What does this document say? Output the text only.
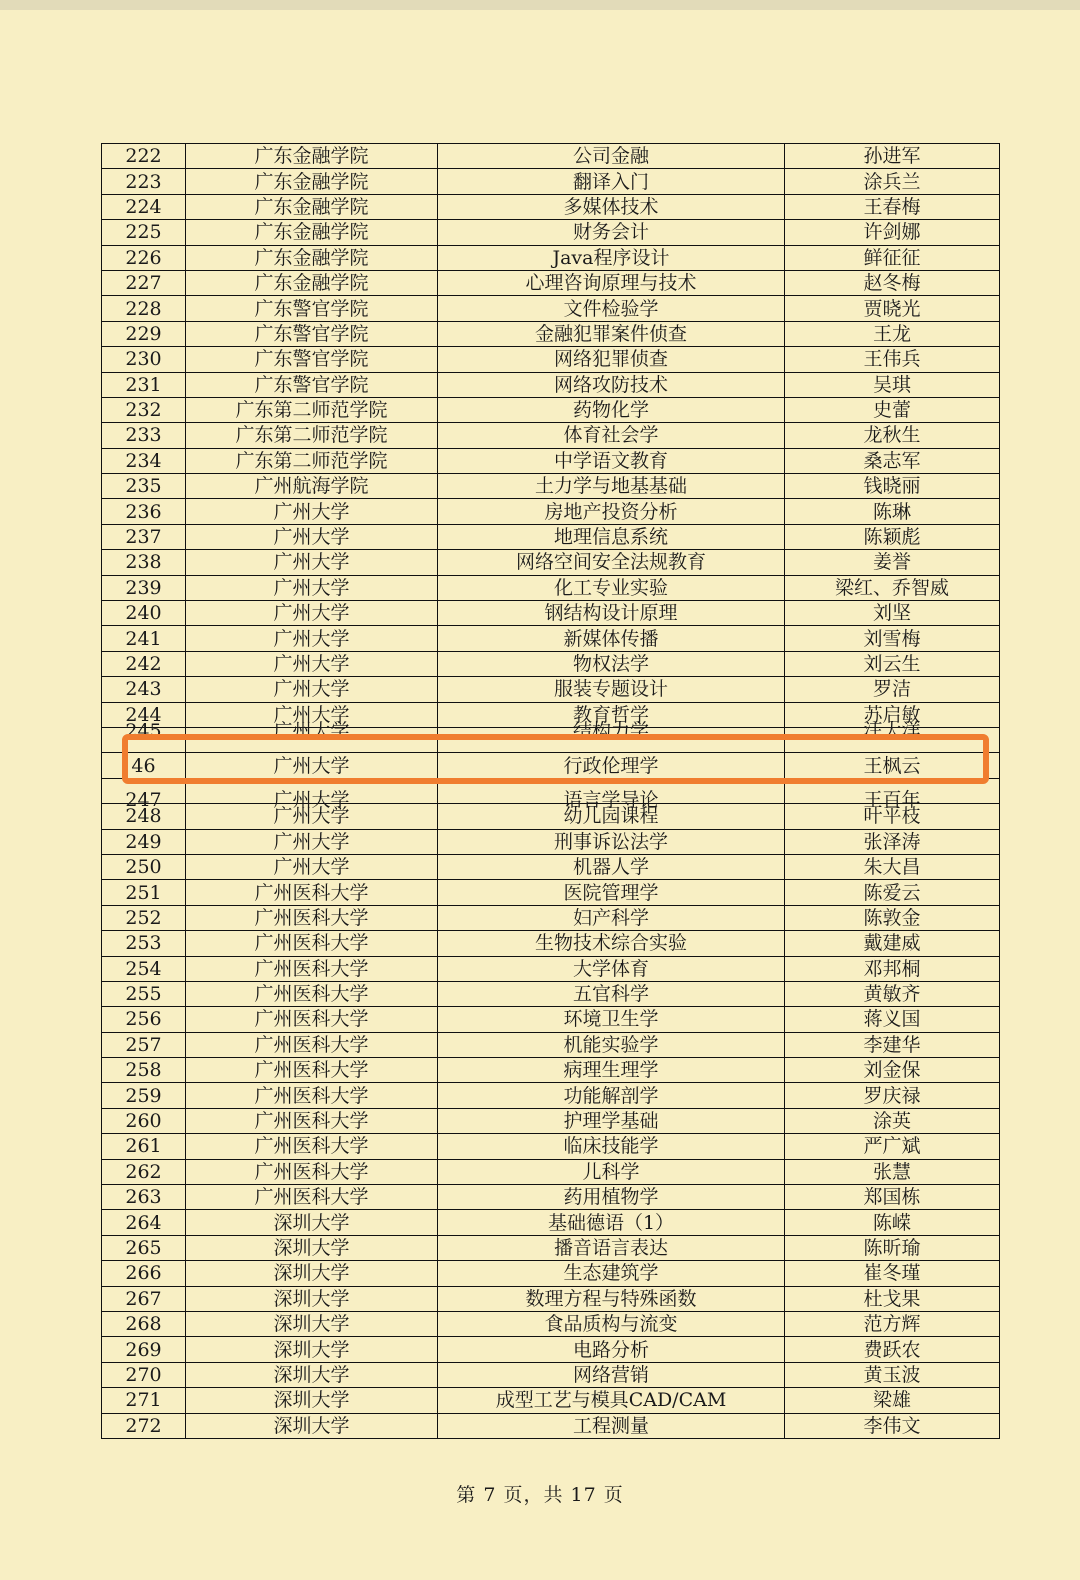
222	广东金融学院	公司金融	孙进军
223	广东金融学院	翻译入门	涂兵兰
224	广东金融学院	多媒体技术	王春梅
225	广东金融学院	财务会计	许剑娜
226	广东金融学院	Java程序设计	鲜征征
227	广东金融学院	心理咨询原理与技术	赵冬梅
228	广东警官学院	文件检验学	贾晓光
229	广东警官学院	金融犯罪案件侦查	王龙
230	广东警官学院	网络犯罪侦查	王伟兵
231	广东警官学院	网络攻防技术	吴琪
232	广东第二师范学院	药物化学	史蕾
233	广东第二师范学院	体育社会学	龙秋生
234	广东第二师范学院	中学语文教育	桑志军
235	广州航海学院	土力学与地基基础	钱晓丽
236	广州大学	房地产投资分析	陈琳
237	广州大学	地理信息系统	陈颖彪
238	广州大学	网络空间安全法规教育	姜誉
239	广州大学	化工专业实验	梁红、乔智威
240	广州大学	钢结构设计原理	刘坚
241	广州大学	新媒体传播	刘雪梅
242	广州大学	物权法学	刘云生
243	广州大学	服装专题设计	罗洁
244	广州大学	教育哲学	苏启敏

245	广州大学	结构力学	汪大洋

46	广州大学	行政伦理学	王枫云

247	广州大学	语言学导论	王百年

248	广州大学	幼儿园课程	叶平枝
249	广州大学	刑事诉讼法学	张泽涛
250	广州大学	机器人学	朱大昌
251	广州医科大学	医院管理学	陈爱云
252	广州医科大学	妇产科学	陈敦金
253	广州医科大学	生物技术综合实验	戴建威
254	广州医科大学	大学体育	邓邦桐
255	广州医科大学	五官科学	黄敏齐
256	广州医科大学	环境卫生学	蒋义国
257	广州医科大学	机能实验学	李建华
258	广州医科大学	病理生理学	刘金保
259	广州医科大学	功能解剖学	罗庆禄
260	广州医科大学	护理学基础	涂英
261	广州医科大学	临床技能学	严广斌
262	广州医科大学	儿科学	张慧
263	广州医科大学	药用植物学	郑国栋
264	深圳大学	基础德语（1）	陈嵘
265	深圳大学	播音语言表达	陈昕瑜
266	深圳大学	生态建筑学	崔冬瑾
267	深圳大学	数理方程与特殊函数	杜戈果
268	深圳大学	食品质构与流变	范方辉
269	深圳大学	电路分析	费跃农
270	深圳大学	网络营销	黄玉波
271	深圳大学	成型工艺与模具CAD/CAM	梁雄
272	深圳大学	工程测量	李伟文
第 7 页，共 17 页
